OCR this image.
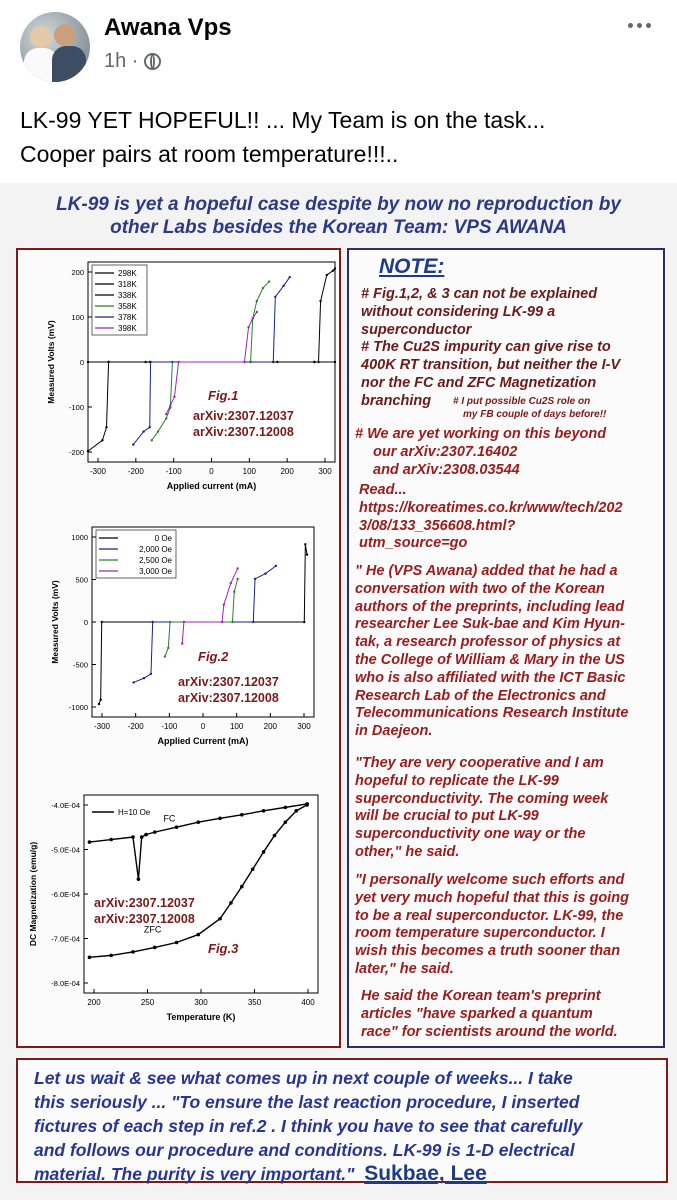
Awana Vps
1h ·
LK-99 YET HOPEFUL!! ... My Team is on the task...
Cooper pairs at room temperature!!!..
LK-99 is yet a hopeful case despite by now no reproduction by
other Labs besides the Korean Team: VPS AWANA
-300	-200	-100	0	100	200	300
200
100
0
-100
-200
Applied current (mA)
Measured Volts (mV)
298K
318K
338K
358K
378K
398K
Fig.1
arXiv:2307.12037
arXiv:2307.12008
-300 -200 -100	0	100	200	300
1000
500
0
-500
-1000
Applied Current (mA)
Measured Volts (mV)
0 Oe
2,000 Oe
2,500 Oe
3,000 Oe
Fig.2
arXiv:2307.12037
arXiv:2307.12008
200	250	300	350	400
-4.0E-04
-5.0E-04
-6.0E-04
-7.0E-04
-8.0E-04
Temperature (K)
DC Magnetization (emu/g)
H=10 Oe
FC
ZFC
Fig.3
arXiv:2307.12037
arXiv:2307.12008
NOTE:
# Fig.1,2, & 3 can not be explained
without considering LK-99 a
superconductor
# The Cu2S impurity can give rise to
400K RT transition, but neither the I-V
nor the FC and ZFC Magnetization
branching
# We are yet working on this beyond
our arXiv:2307.16402
and arXiv:2308.03544
Read...
https://koreatimes.co.kr/www/tech/202
3/08/133_356608.html?
utm_source=go
" He (VPS Awana) added that he had a
conversation with two of the Korean
authors of the preprints, including lead
researcher Lee Suk-bae and Kim Hyun-
tak, a research professor of physics at
the College of William & Mary in the US
who is also affiliated with the ICT Basic
Research Lab of the Electronics and
Telecommunications Research Institute
in Daejeon.
"They are very cooperative and I am
hopeful to replicate the LK-99
superconductivity. The coming week
will be crucial to put LK-99
superconductivity one way or the
other," he said.
"I personally welcome such efforts and
yet very much hopeful that this is going
to be a real superconductor. LK-99, the
room temperature superconductor. I
wish this becomes a truth sooner than
later," he said.
He said the Korean team's preprint
articles "have sparked a quantum
race" for scientists around the world.
# I put possible Cu2S role on
my FB couple of days before!!
Let us wait & see what comes up in next couple of weeks... I take
this seriously ... "To ensure the last reaction procedure, I inserted
fictures of each step in ref.2 . I think you have to see that carefully
and follows our procedure and conditions. LK-99 is 1-D electrical
material. The purity is very important." Sukbae, Lee
